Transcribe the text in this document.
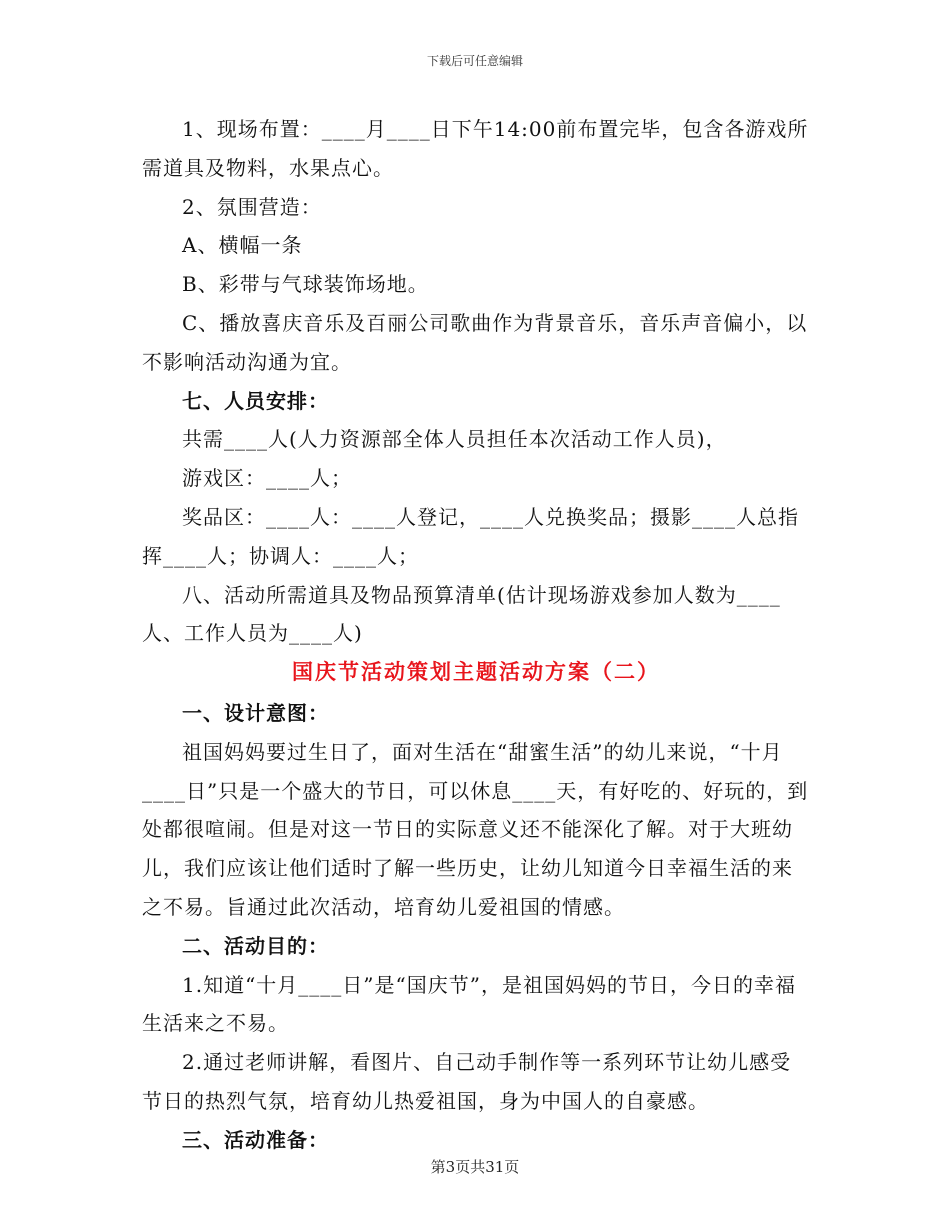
下载后可任意编辑

1、现场布置：____月____日下午14:00前布置完毕，包含各游戏所需道具及物料，水果点心。

2、氛围营造：

A、横幅一条

B、彩带与气球装饰场地。

C、播放喜庆音乐及百丽公司歌曲作为背景音乐，音乐声音偏小，以不影响活动沟通为宜。

七、人员安排：

共需____人(人力资源部全体人员担任本次活动工作人员)，

游戏区：____人；

奖品区：____人：____人登记，____人兑换奖品；摄影____人总指挥____人；协调人：____人；

八、活动所需道具及物品预算清单(估计现场游戏参加人数为____人、工作人员为____人)

国庆节活动策划主题活动方案（二）

一、设计意图：

祖国妈妈要过生日了，面对生活在“甜蜜生活”的幼儿来说，“十月____日”只是一个盛大的节日，可以休息____天，有好吃的、好玩的，到处都很喧闹。但是对这一节日的实际意义还不能深化了解。对于大班幼儿，我们应该让他们适时了解一些历史，让幼儿知道今日幸福生活的来之不易。旨通过此次活动，培育幼儿爱祖国的情感。

二、活动目的：

1.知道“十月____日”是“国庆节”，是祖国妈妈的节日，今日的幸福生活来之不易。

2.通过老师讲解，看图片、自己动手制作等一系列环节让幼儿感受节日的热烈气氛，培育幼儿热爱祖国，身为中国人的自豪感。

三、活动准备：

第3页共31页
